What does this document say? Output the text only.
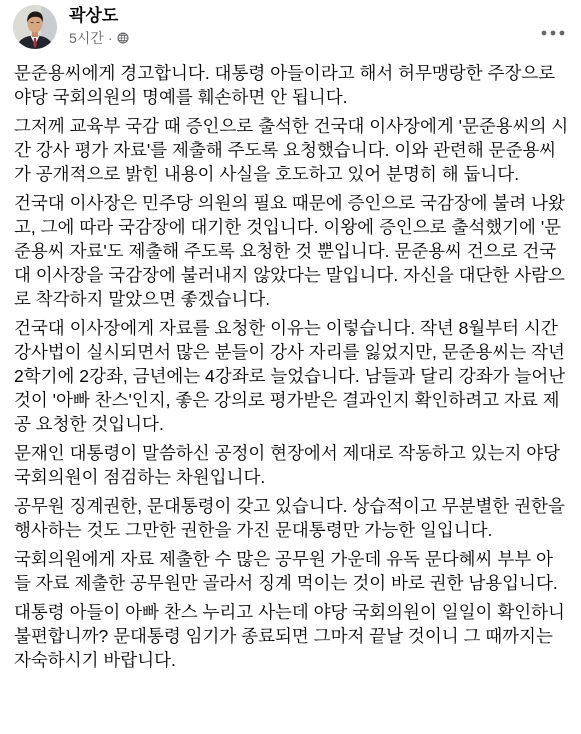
곽상도
5시간 ·

문준용씨에게 경고합니다. 대통령 아들이라고 해서 허무맹랑한 주장으로 야당 국회의원의 명예를 훼손하면 안 됩니다.

그저께 교육부 국감 때 증인으로 출석한 건국대 이사장에게 '문준용씨의 시간 강사 평가 자료'를 제출해 주도록 요청했습니다. 이와 관련해 문준용씨가 공개적으로 밝힌 내용이 사실을 호도하고 있어 분명히 해 둡니다.

건국대 이사장은 민주당 의원의 필요 때문에 증인으로 국감장에 불려 나왔고, 그에 따라 국감장에 대기한 것입니다. 이왕에 증인으로 출석했기에 '문준용씨 자료'도 제출해 주도록 요청한 것 뿐입니다. 문준용씨 건으로 건국대 이사장을 국감장에 불러내지 않았다는 말입니다. 자신을 대단한 사람으로 착각하지 말았으면 좋겠습니다.

건국대 이사장에게 자료를 요청한 이유는 이렇습니다. 작년 8월부터 시간강사법이 실시되면서 많은 분들이 강사 자리를 잃었지만, 문준용씨는 작년 2학기에 2강좌, 금년에는 4강좌로 늘었습니다. 남들과 달리 강좌가 늘어난 것이 '아빠 찬스'인지, 좋은 강의로 평가받은 결과인지 확인하려고 자료 제공 요청한 것입니다.

문재인 대통령이 말씀하신 공정이 현장에서 제대로 작동하고 있는지 야당 국회의원이 점검하는 차원입니다.

공무원 징계권한, 문대통령이 갖고 있습니다. 상습적이고 무분별한 권한을 행사하는 것도 그만한 권한을 가진 문대통령만 가능한 일입니다.

국회의원에게 자료 제출한 수 많은 공무원 가운데 유독 문다혜씨 부부 아들 자료 제출한 공무원만 골라서 징계 먹이는 것이 바로 권한 남용입니다.

대통령 아들이 아빠 찬스 누리고 사는데 야당 국회의원이 일일이 확인하니 불편합니까? 문대통령 임기가 종료되면 그마저 끝날 것이니 그 때까지는 자숙하시기 바랍니다.
